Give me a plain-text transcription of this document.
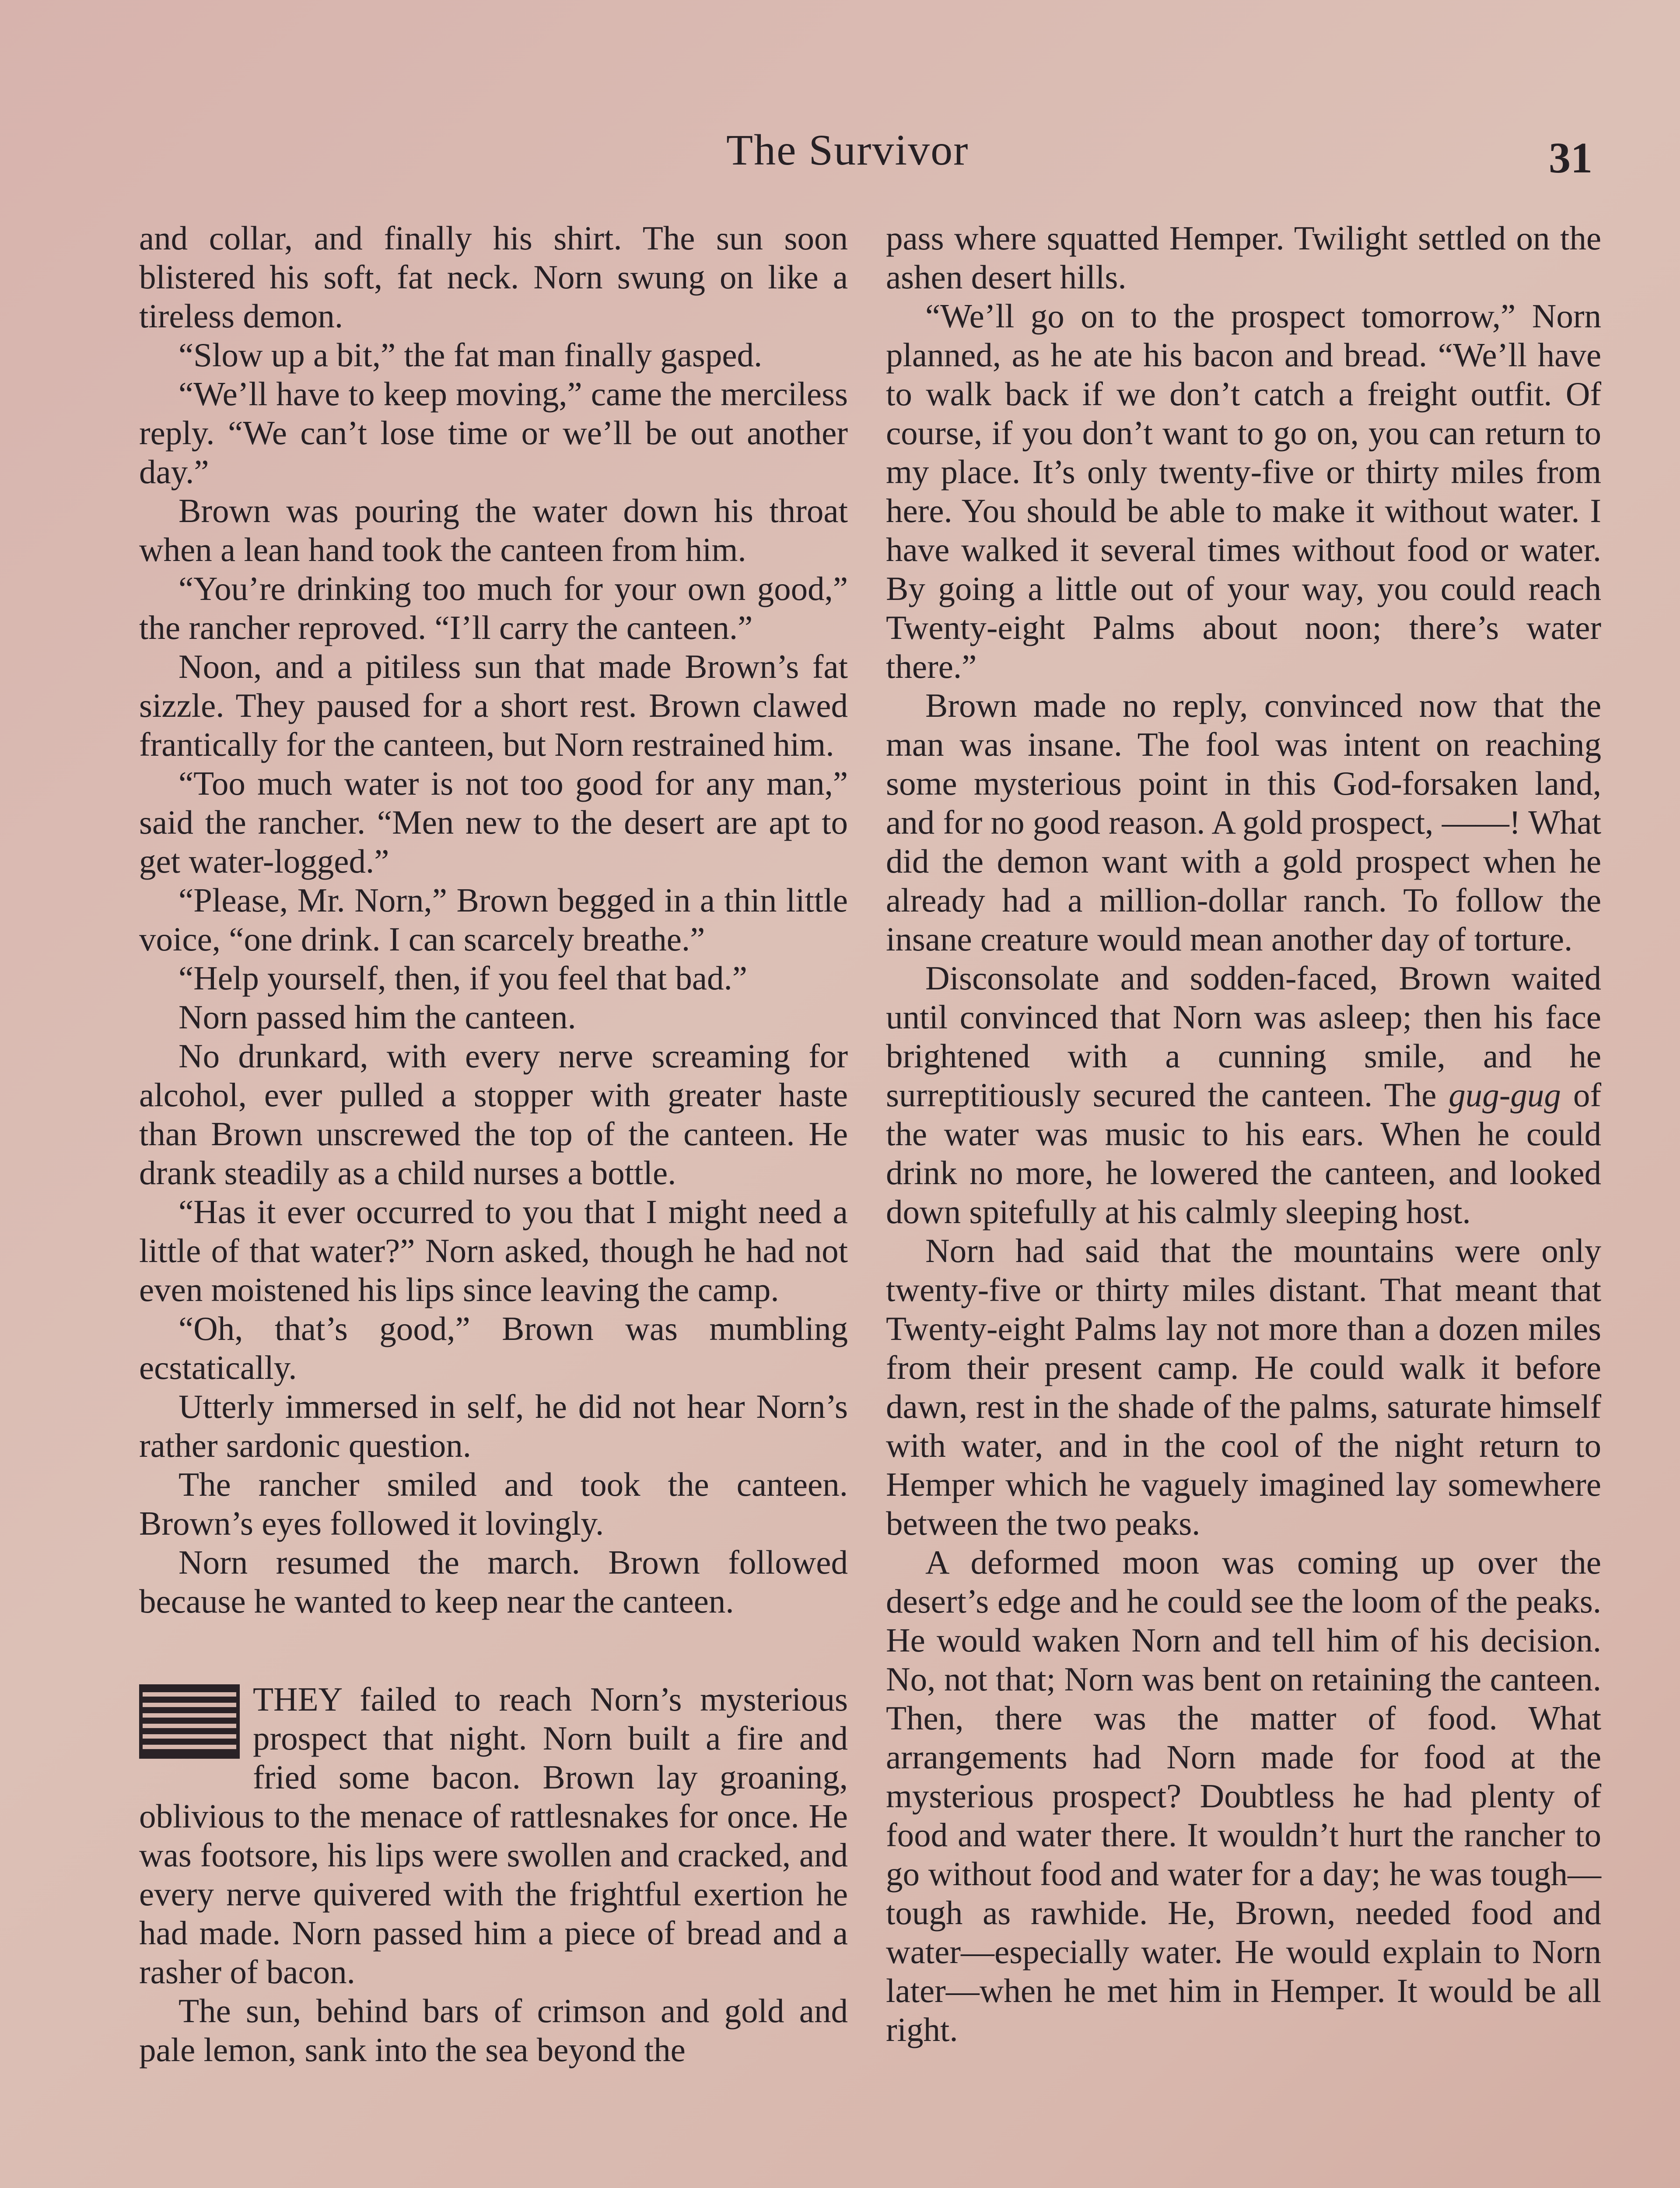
The Survivor	31

and collar, and finally his shirt. The sun soon blistered his soft, fat neck. Norn swung on like a tireless demon.

“Slow up a bit,” the fat man finally gasped.

“We’ll have to keep moving,” came the merciless reply. “We can’t lose time or we’ll be out another day.”

Brown was pouring the water down his throat when a lean hand took the canteen from him.

“You’re drinking too much for your own good,” the rancher reproved. “I’ll carry the canteen.”

Noon, and a pitiless sun that made Brown’s fat sizzle. They paused for a short rest. Brown clawed frantically for the canteen, but Norn restrained him.

“Too much water is not too good for any man,” said the rancher. “Men new to the desert are apt to get water-logged.”

“Please, Mr. Norn,” Brown begged in a thin little voice, “one drink. I can scarcely breathe.”

“Help yourself, then, if you feel that bad.”

Norn passed him the canteen.

No drunkard, with every nerve screaming for alcohol, ever pulled a stopper with greater haste than Brown unscrewed the top of the canteen. He drank steadily as a child nurses a bottle.

“Has it ever occurred to you that I might need a little of that water?” Norn asked, though he had not even moistened his lips since leaving the camp.

“Oh, that’s good,” Brown was mumbling ecstatically.

Utterly immersed in self, he did not hear Norn’s rather sardonic question.

The rancher smiled and took the canteen. Brown’s eyes followed it lovingly.

Norn resumed the march. Brown followed because he wanted to keep near the canteen.

THEY failed to reach Norn’s mysterious prospect that night. Norn built a fire and fried some bacon. Brown lay groaning, oblivious to the menace of rattlesnakes for once. He was footsore, his lips were swollen and cracked, and every nerve quivered with the frightful exertion he had made. Norn passed him a piece of bread and a rasher of bacon.

The sun, behind bars of crimson and gold and pale lemon, sank into the sea beyond the

pass where squatted Hemper. Twilight settled on the ashen desert hills.

“We’ll go on to the prospect tomorrow,” Norn planned, as he ate his bacon and bread. “We’ll have to walk back if we don’t catch a freight outfit. Of course, if you don’t want to go on, you can return to my place. It’s only twenty-five or thirty miles from here. You should be able to make it without water. I have walked it several times without food or water. By going a little out of your way, you could reach Twenty-eight Palms about noon; there’s water there.”

Brown made no reply, convinced now that the man was insane. The fool was intent on reaching some mysterious point in this God-forsaken land, and for no good reason. A gold prospect, ——! What did the demon want with a gold prospect when he already had a million-dollar ranch. To follow the insane creature would mean another day of torture.

Disconsolate and sodden-faced, Brown waited until convinced that Norn was asleep; then his face brightened with a cunning smile, and he surreptitiously secured the canteen. The gug-gug of the water was music to his ears. When he could drink no more, he lowered the canteen, and looked down spitefully at his calmly sleeping host.

Norn had said that the mountains were only twenty-five or thirty miles distant. That meant that Twenty-eight Palms lay not more than a dozen miles from their present camp. He could walk it before dawn, rest in the shade of the palms, saturate himself with water, and in the cool of the night return to Hemper which he vaguely imagined lay somewhere between the two peaks.

A deformed moon was coming up over the desert’s edge and he could see the loom of the peaks. He would waken Norn and tell him of his decision. No, not that; Norn was bent on retaining the canteen. Then, there was the matter of food. What arrangements had Norn made for food at the mysterious prospect? Doubtless he had plenty of food and water there. It wouldn’t hurt the rancher to go without food and water for a day; he was tough—tough as rawhide. He, Brown, needed food and water—especially water. He would explain to Norn later—when he met him in Hemper. It would be all right.
